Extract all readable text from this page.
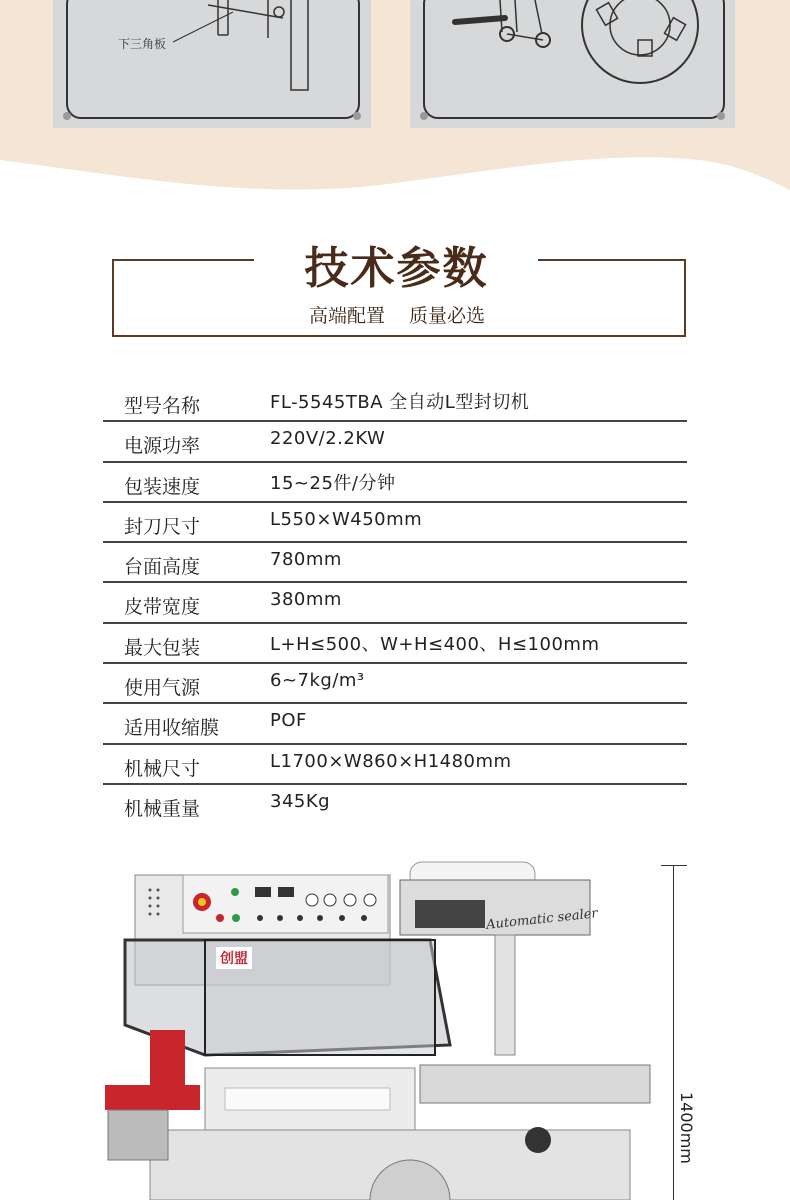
下三角板
技术参数
高端配置 质量必选
型号名称	FL-5545TBA 全自动L型封切机
电源功率	220V/2.2KW
包装速度	15~25件/分钟
封刀尺寸	L550×W450mm
台面高度	780mm
皮带宽度	380mm
最大包装	L+H≤500、W+H≤400、H≤100mm
使用气源	6~7kg/m³
适用收缩膜	POF
机械尺寸	L1700×W860×H1480mm
机械重量	345Kg
创盟
Automatic sealer
1400mm
